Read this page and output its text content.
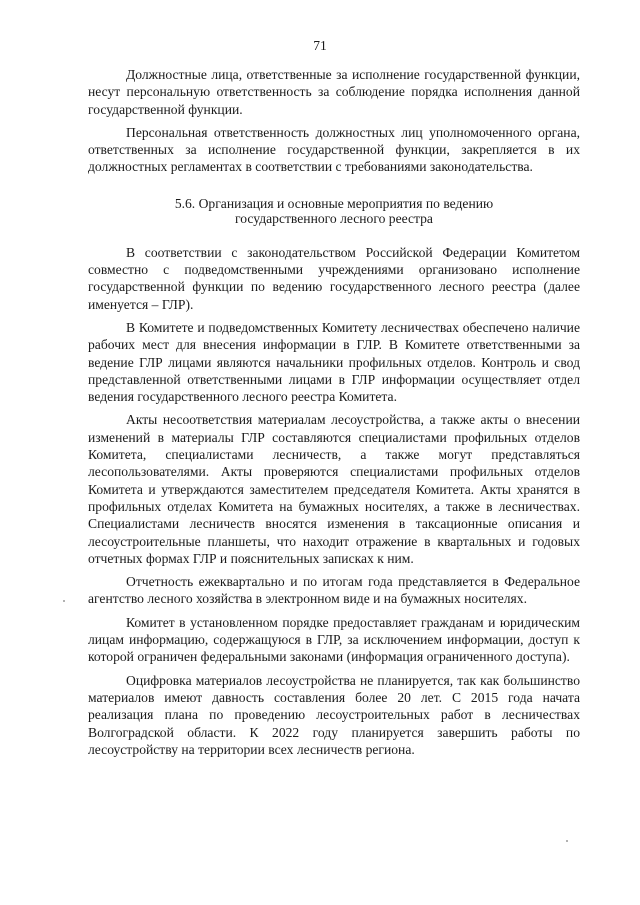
71

Должностные лица, ответственные за исполнение государственной функции, несут персональную ответственность за соблюдение порядка исполнения данной государственной функции.

Персональная ответственность должностных лиц уполномоченного органа, ответственных за исполнение государственной функции, закрепляется в их должностных регламентах в соответствии с требованиями законодательства.

5.6. Организация и основные мероприятия по ведению
государственного лесного реестра

В соответствии с законодательством Российской Федерации Комитетом совместно с подведомственными учреждениями организовано исполнение государственной функции по ведению государственного лесного реестра (далее именуется – ГЛР).

В Комитете и подведомственных Комитету лесничествах обеспечено наличие рабочих мест для внесения информации в ГЛР. В Комитете ответственными за ведение ГЛР лицами являются начальники профильных отделов. Контроль и свод представленной ответственными лицами в ГЛР информации осуществляет отдел ведения государственного лесного реестра Комитета.

Акты несоответствия материалам лесоустройства, а также акты о внесении изменений в материалы ГЛР составляются специалистами профильных отделов Комитета, специалистами лесничеств, а также могут представляться лесопользователями. Акты проверяются специалистами профильных отделов Комитета и утверждаются заместителем председателя Комитета. Акты хранятся в профильных отделах Комитета на бумажных носителях, а также в лесничествах. Специалистами лесничеств вносятся изменения в таксационные описания и лесоустроительные планшеты, что находит отражение в квартальных и годовых отчетных формах ГЛР и пояснительных записках к ним.

Отчетность ежеквартально и по итогам года представляется в Федеральное агентство лесного хозяйства в электронном виде и на бумажных носителях.

Комитет в установленном порядке предоставляет гражданам и юридическим лицам информацию, содержащуюся в ГЛР, за исключением информации, доступ к которой ограничен федеральными законами (информация ограниченного доступа).

Оцифровка материалов лесоустройства не планируется, так как большинство материалов имеют давность составления более 20 лет. С 2015 года начата реализация плана по проведению лесоустроительных работ в лесничествах Волгоградской области. К 2022 году планируется завершить работы по лесоустройству на территории всех лесничеств региона.
